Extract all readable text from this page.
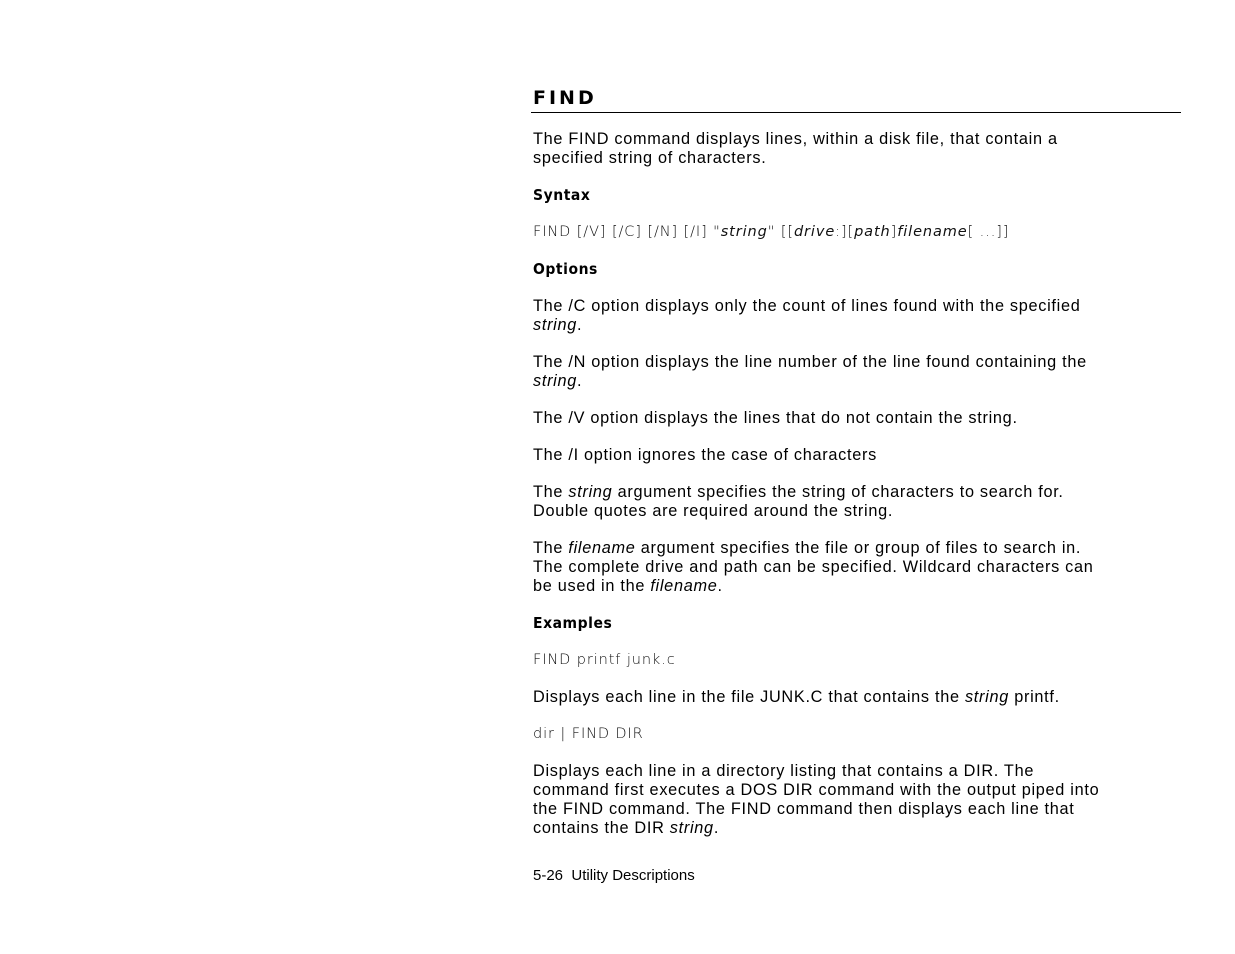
FIND

The FIND command displays lines, within a disk file, that contain a
specified string of characters.

Syntax

FIND [/V] [/C] [/N] [/I] "string" [[drive:][path]filename[ ...]]

Options

The /C option displays only the count of lines found with the specified
string.

The /N option displays the line number of the line found containing the
string.

The /V option displays the lines that do not contain the string.

The /I option ignores the case of characters

The string argument specifies the string of characters to search for.
Double quotes are required around the string.

The filename argument specifies the file or group of files to search in.
The complete drive and path can be specified. Wildcard characters can
be used in the filename.

Examples

FIND printf junk.c

Displays each line in the file JUNK.C that contains the string printf.

dir | FIND DIR

Displays each line in a directory listing that contains a DIR. The
command first executes a DOS DIR command with the output piped into
the FIND command. The FIND command then displays each line that
contains the DIR string.

5-26  Utility Descriptions
